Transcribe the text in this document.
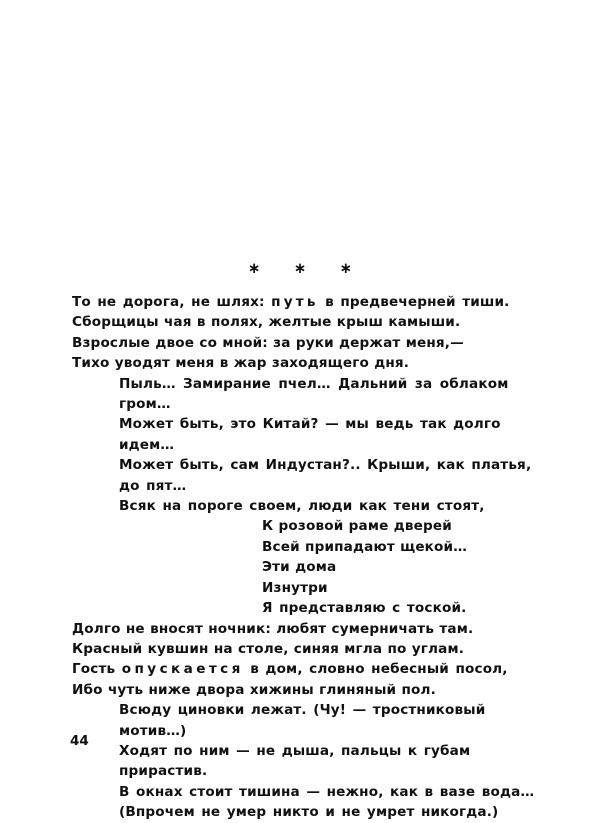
∗ ∗ ∗
То не дорога, не шлях: путь в предвечерней тиши.
Сборщицы чая в полях, желтые крыш камыши.
Взрослые двое со мной: за руки держат меня,—
Тихо уводят меня в жар заходящего дня.
Пыль… Замирание пчел… Дальний за облаком гром…
Может быть, это Китай? — мы ведь так долго идем…
Может быть, сам Индустан?.. Крыши, как платья, до пят…
Всяк на пороге своем, люди как тени стоят,
К розовой раме дверей
Всей припадают щекой…
Эти дома
Изнутри
Я представляю с тоской.
Долго не вносят ночник: любят сумерничать там.
Красный кувшин на столе, синяя мгла по углам.
Гость опускается в дом, словно небесный посол,
Ибо чуть ниже двора хижины глиняный пол.
Всюду циновки лежат. (Чу! — тростниковый мотив…)
Ходят по ним — не дыша, пальцы к губам прирастив.
В окнах стоит тишина — нежно, как в вазе вода…
(Впрочем не умер никто и не умрет никогда.)
44
